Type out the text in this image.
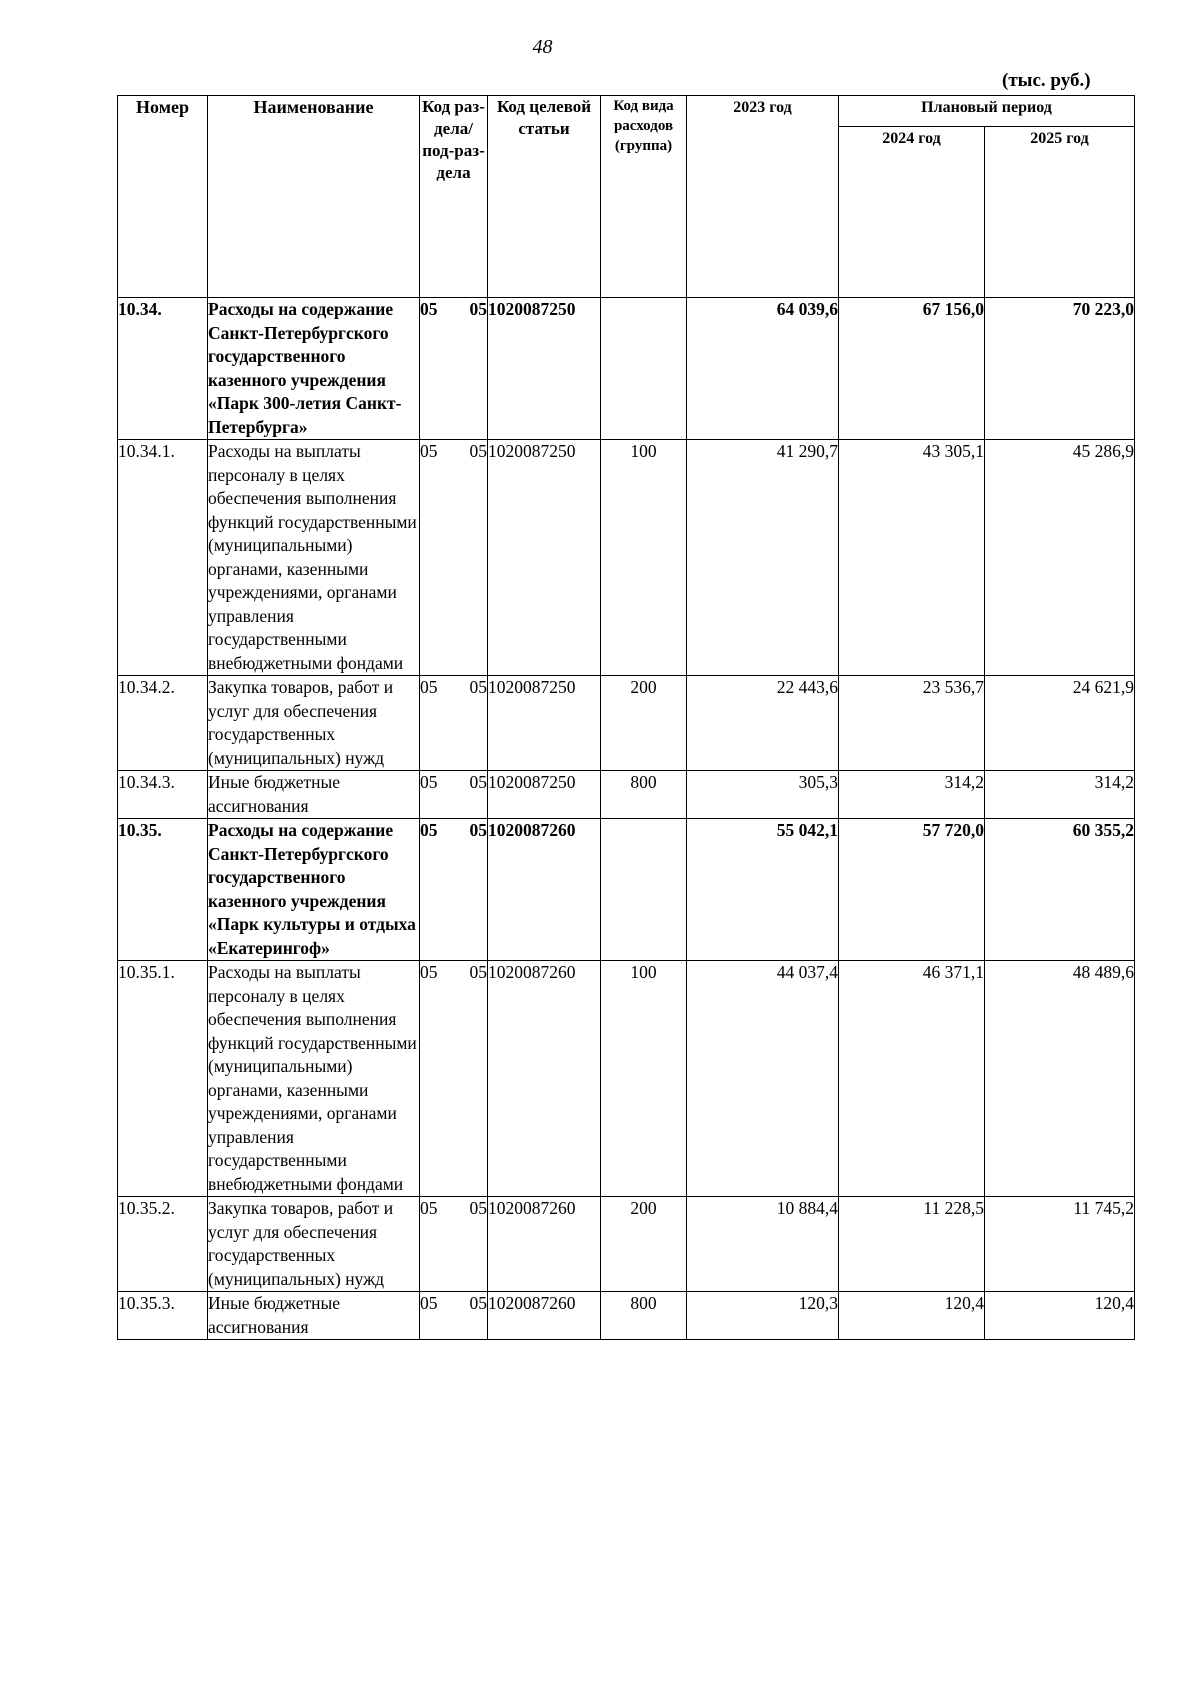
48
(тыс. руб.)
Номер	Наименование	Код раз-дела/ под-раз-дела	Код целевой статьи	Код вида расходов (группа)	2023 год	Плановый период	
						2024 год	2025 год
10.34.	Расходы на содержание Санкт-Петербургского государственного казенного учреждения «Парк 300-летия Санкт-Петербурга»	05 05	1020087250		64 039,6	67 156,0	70 223,0
10.34.1.	Расходы на выплаты персоналу в целях обеспечения выполнения функций государственными (муниципальными) органами, казенными учреждениями, органами управления государственными внебюджетными фондами	05 05	1020087250	100	41 290,7	43 305,1	45 286,9
10.34.2.	Закупка товаров, работ и услуг для обеспечения государственных (муниципальных) нужд	05 05	1020087250	200	22 443,6	23 536,7	24 621,9
10.34.3.	Иные бюджетные ассигнования	05 05	1020087250	800	305,3	314,2	314,2
10.35.	Расходы на содержание Санкт-Петербургского государственного казенного учреждения «Парк культуры и отдыха «Екатерингоф»	05 05	1020087260		55 042,1	57 720,0	60 355,2
10.35.1.	Расходы на выплаты персоналу в целях обеспечения выполнения функций государственными (муниципальными) органами, казенными учреждениями, органами управления государственными внебюджетными фондами	05 05	1020087260	100	44 037,4	46 371,1	48 489,6
10.35.2.	Закупка товаров, работ и услуг для обеспечения государственных (муниципальных) нужд	05 05	1020087260	200	10 884,4	11 228,5	11 745,2
10.35.3.	Иные бюджетные ассигнования	05 05	1020087260	800	120,3	120,4	120,4
